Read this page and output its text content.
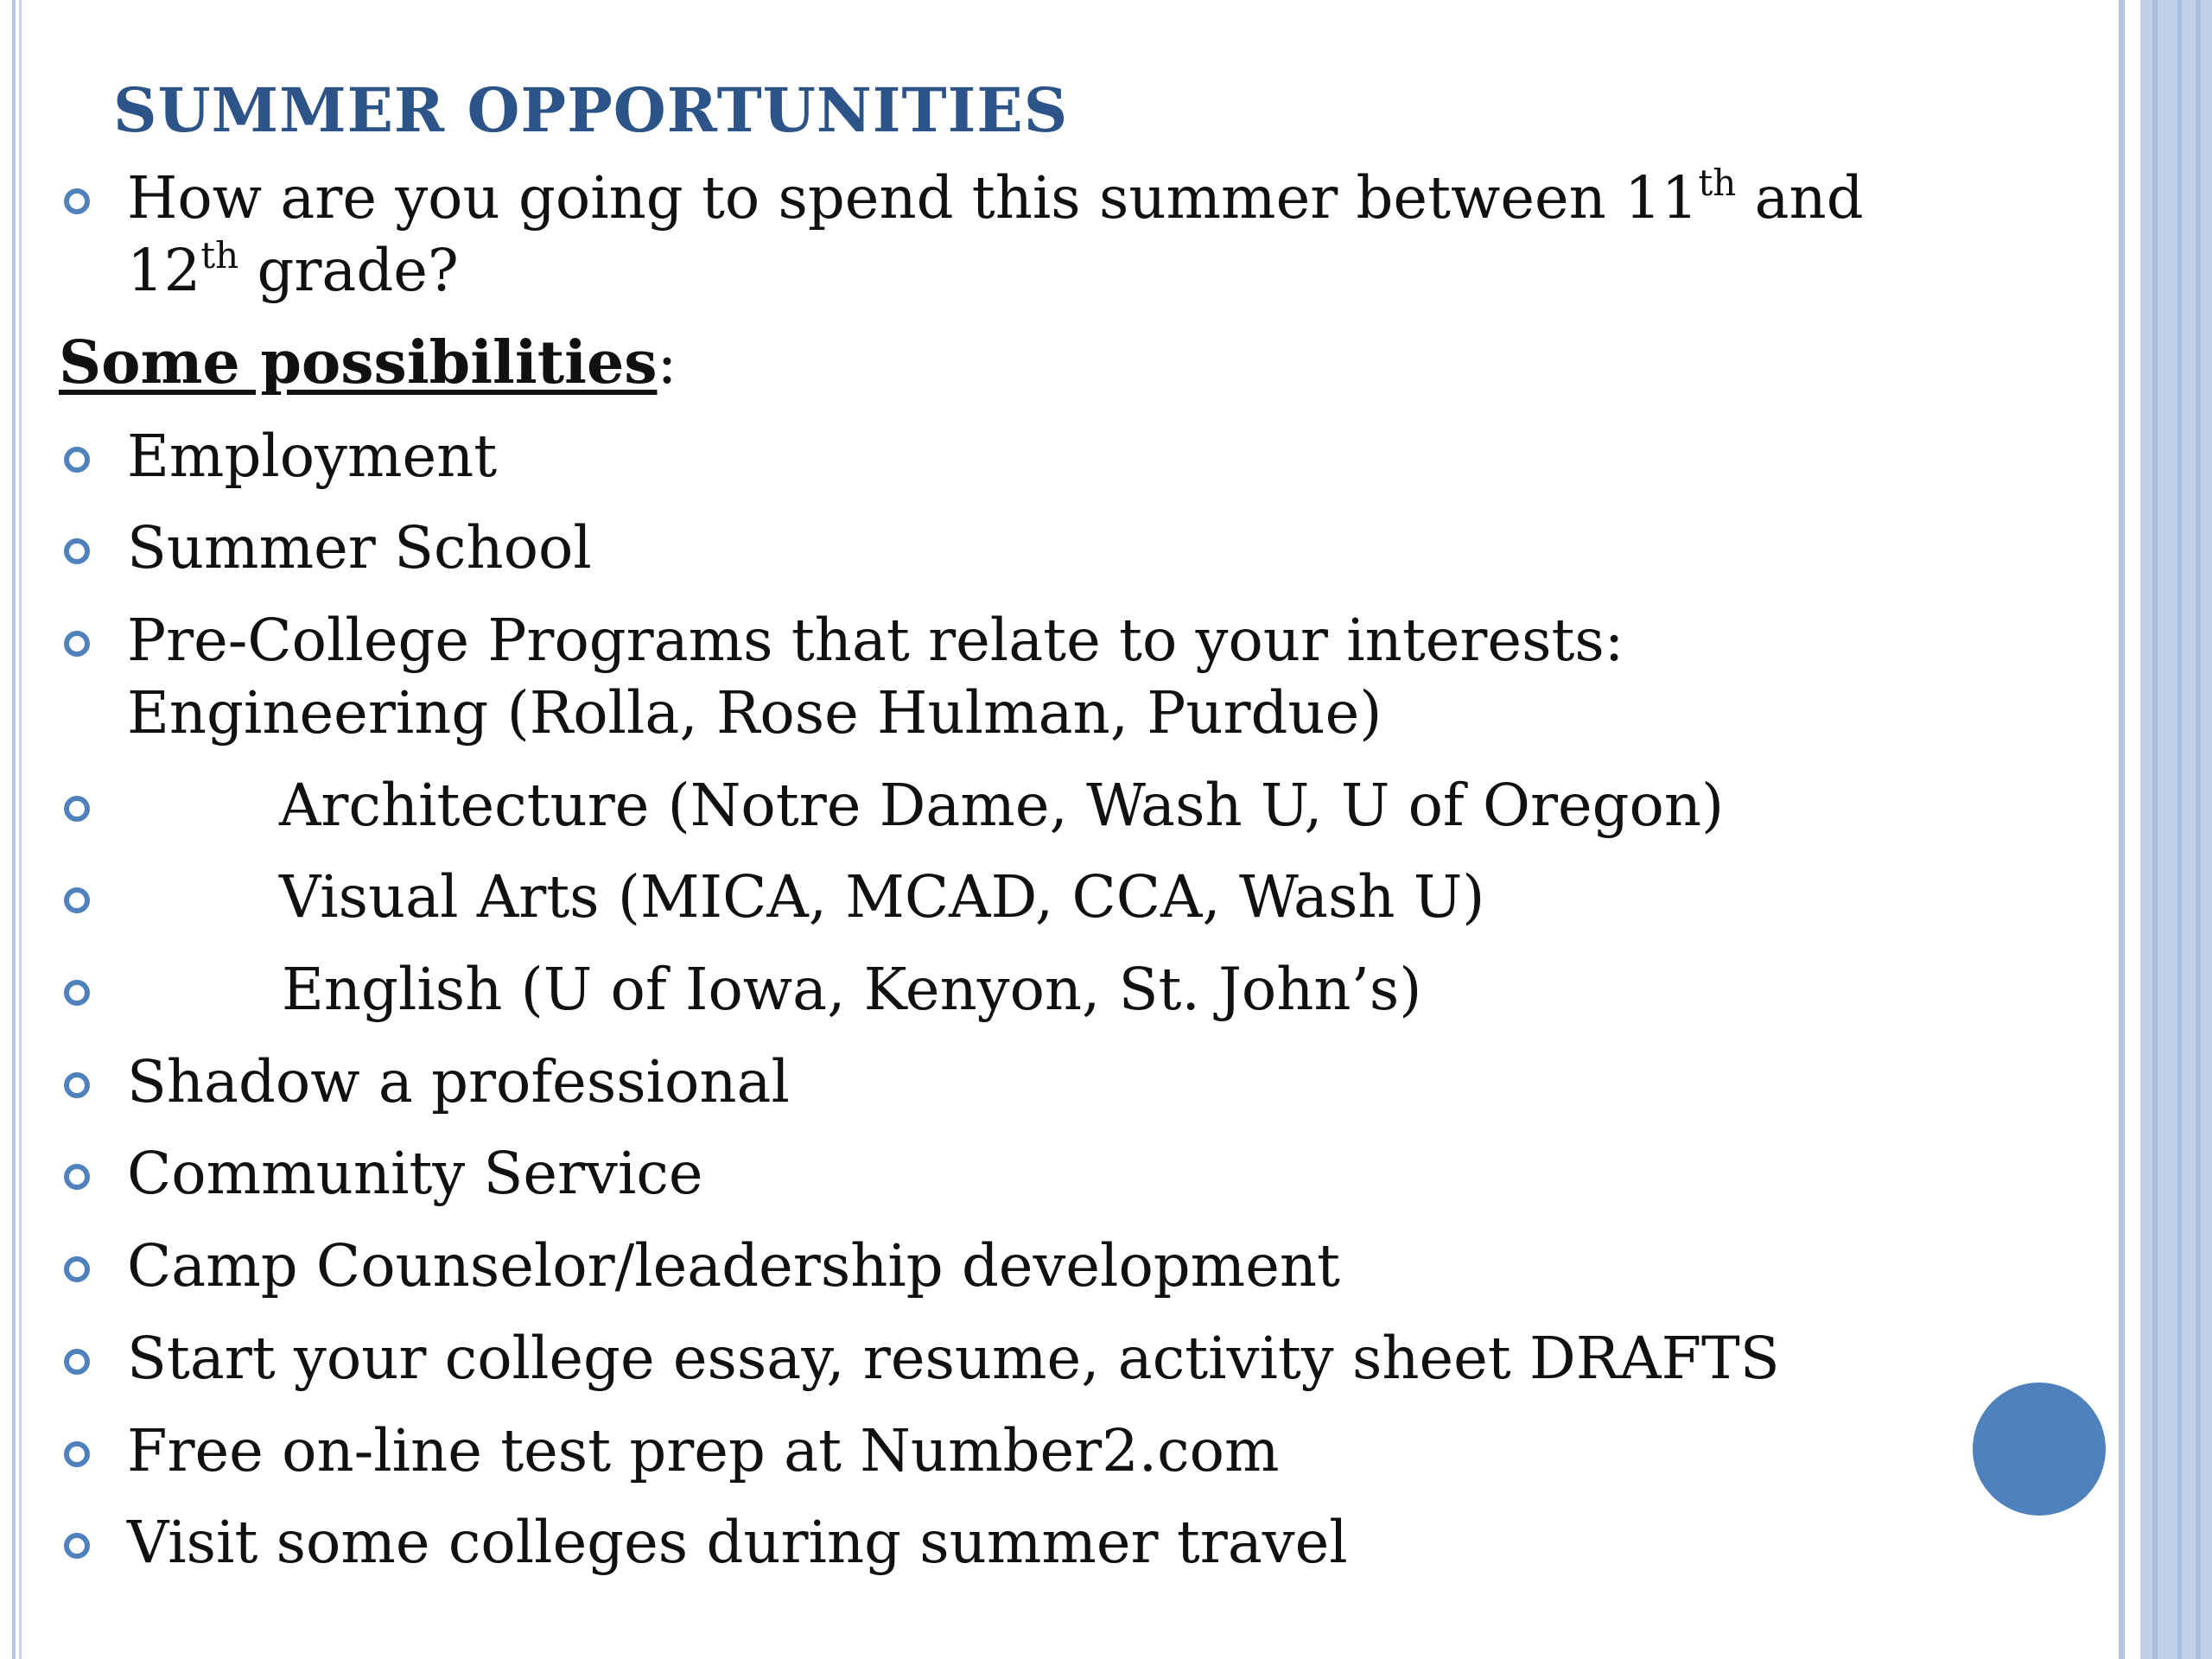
SUMMER OPPORTUNITIES
How are you going to spend this summer between 11th and
12th grade?
Some possibilities:
Employment
Summer School
Pre-College Programs that relate to your interests:
Engineering (Rolla, Rose Hulman, Purdue)
Architecture (Notre Dame, Wash U, U of Oregon)
Visual Arts (MICA, MCAD, CCA, Wash U)
English (U of Iowa, Kenyon, St. John’s)
Shadow a professional
Community Service
Camp Counselor/leadership development
Start your college essay, resume, activity sheet DRAFTS
Free on-line test prep at Number2.com
Visit some colleges during summer travel
